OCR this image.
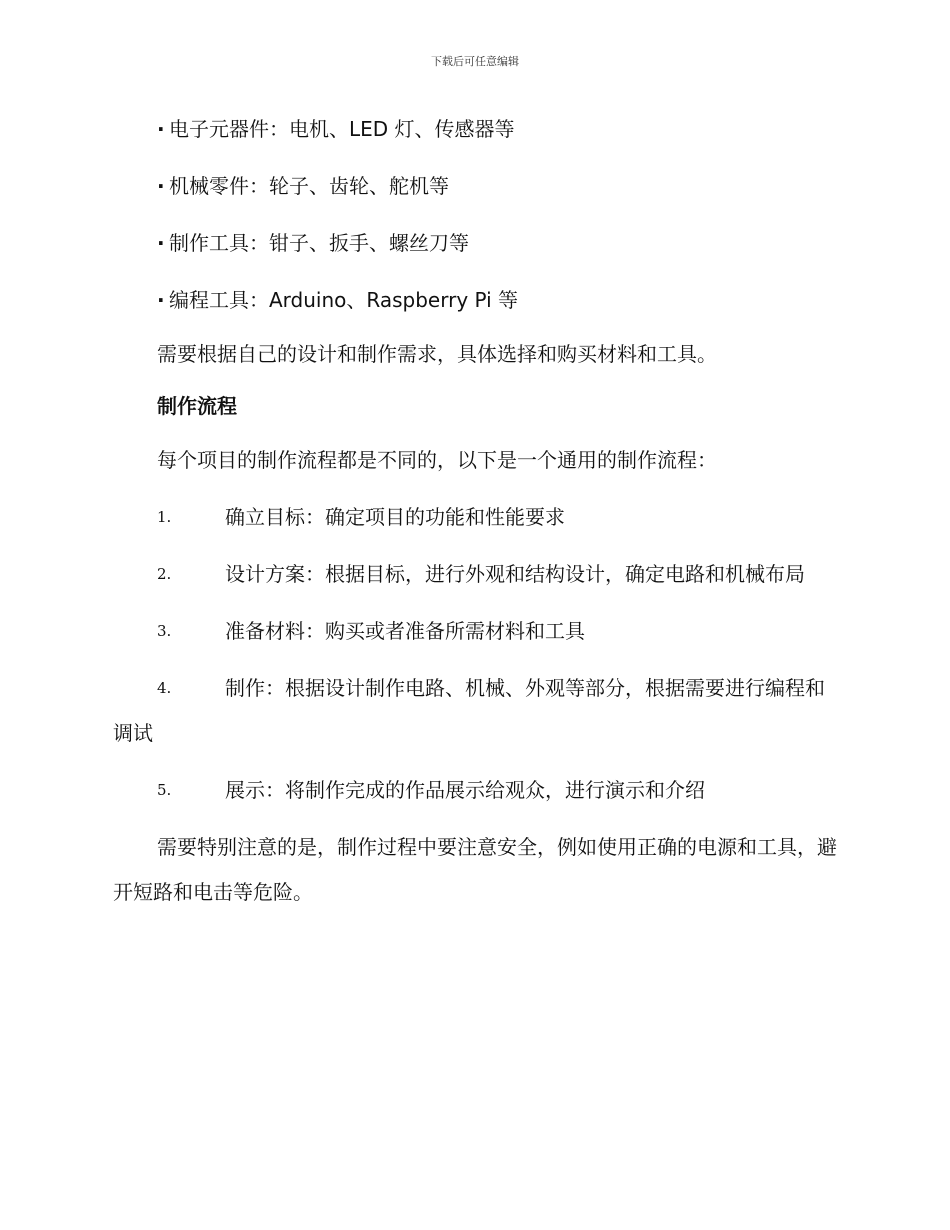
下载后可任意编辑
· 电子元器件：电机、LED 灯、传感器等
· 机械零件：轮子、齿轮、舵机等
· 制作工具：钳子、扳手、螺丝刀等
· 编程工具：Arduino、Raspberry Pi 等

需要根据自己的设计和制作需求，具体选择和购买材料和工具。

制作流程

每个项目的制作流程都是不同的，以下是一个通用的制作流程：

1.	确立目标：确定项目的功能和性能要求
2.	设计方案：根据目标，进行外观和结构设计，确定电路和机械布局
3.	准备材料：购买或者准备所需材料和工具
4.	制作：根据设计制作电路、机械、外观等部分，根据需要进行编程和调试
5.	展示：将制作完成的作品展示给观众，进行演示和介绍

需要特别注意的是，制作过程中要注意安全，例如使用正确的电源和工具，避开短路和电击等危险。
